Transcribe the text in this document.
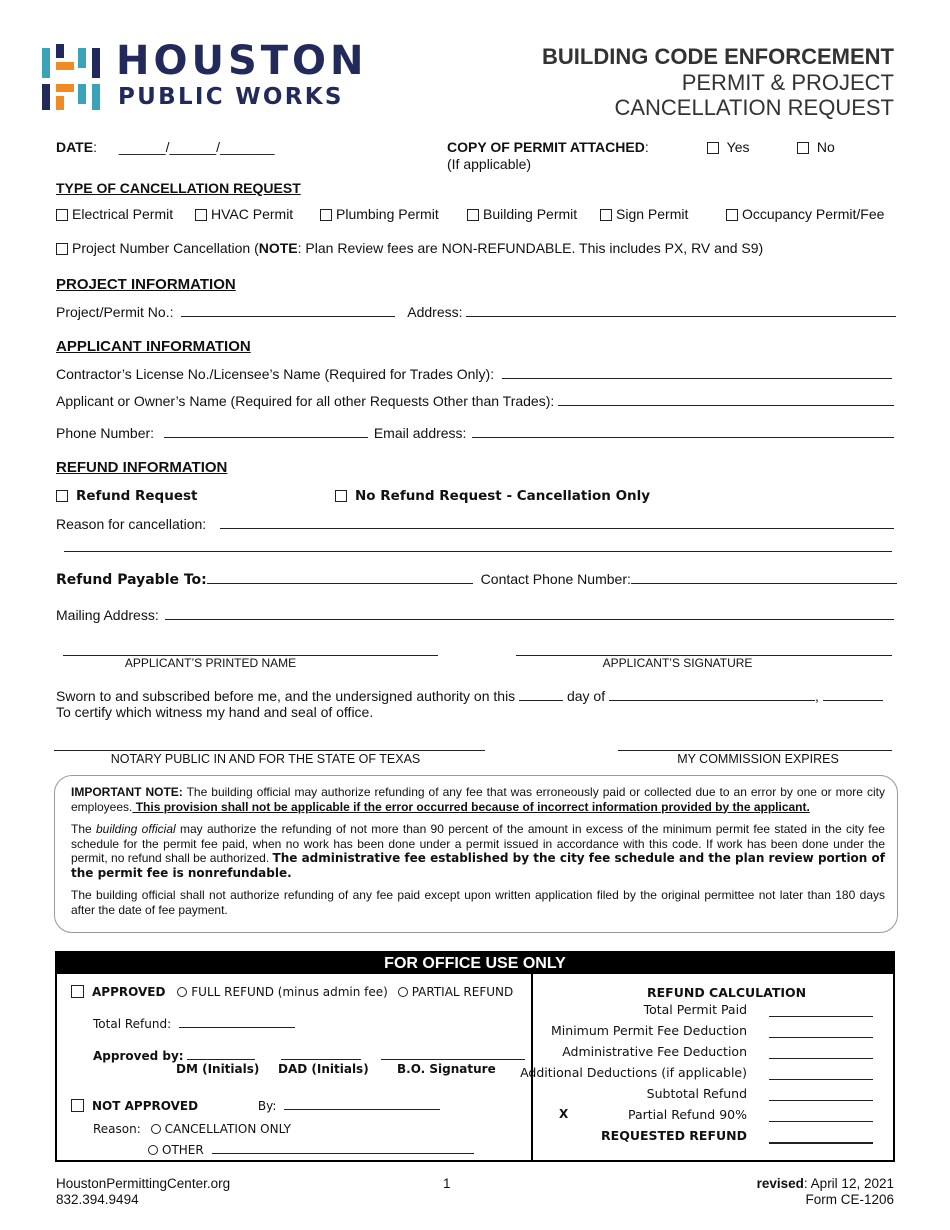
HOUSTON
PUBLIC WORKS
BUILDING CODE ENFORCEMENT
PERMIT & PROJECT
CANCELLATION REQUEST
DATE: ______/______/_______	COPY OF PERMIT ATTACHED:
(If applicable)
Yes	No
TYPE OF CANCELLATION REQUEST
Electrical Permit	HVAC Permit	Plumbing Permit	Building Permit	Sign Permit	Occupancy Permit/Fee
Project Number Cancellation (NOTE: Plan Review fees are NON-REFUNDABLE. This includes PX, RV and S9)
PROJECT INFORMATION
Project/Permit No.:	Address:
APPLICANT INFORMATION
Contractor’s License No./Licensee’s Name (Required for Trades Only):
Applicant or Owner’s Name (Required for all other Requests Other than Trades):
Phone Number:	Email address:
REFUND INFORMATION
Refund Request	No Refund Request - Cancellation Only
Reason for cancellation:
Refund Payable To:	Contact Phone Number:
Mailing Address:
APPLICANT’S PRINTED NAME	APPLICANT’S SIGNATURE
Sworn to and subscribed before me, and the undersigned authority on this	day of	,
To certify which witness my hand and seal of office.
NOTARY PUBLIC IN AND FOR THE STATE OF TEXAS	MY COMMISSION EXPIRES

IMPORTANT NOTE: The building official may authorize refunding of any fee that was erroneously paid or collected due to an error by one or more city employees. This provision shall not be applicable if the error occurred because of incorrect information provided by the applicant.

The building official may authorize the refunding of not more than 90 percent of the amount in excess of the minimum permit fee stated in the city fee schedule for the permit fee paid, when no work has been done under a permit issued in accordance with this code. If work has been done under the permit, no refund shall be authorized. The administrative fee established by the city fee schedule and the plan review portion of the permit fee is nonrefundable.

The building official shall not authorize refunding of any fee paid except upon written application filed by the original permittee not later than 180 days after the date of fee payment.

FOR OFFICE USE ONLY
APPROVED FULL REFUND (minus admin fee) PARTIAL REFUND
Total Refund:
Approved by:
DM (Initials) DAD (Initials) B.O. Signature
NOT APPROVED	By:
Reason: CANCELLATION ONLY
OTHER
REFUND CALCULATION
Total Permit Paid
Minimum Permit Fee Deduction
Administrative Fee Deduction
Additional Deductions (if applicable)
Subtotal Refund
X	Partial Refund 90%
REQUESTED REFUND
HoustonPermittingCenter.org
832.394.9494
1	revised: April 12, 2021
Form CE-1206
